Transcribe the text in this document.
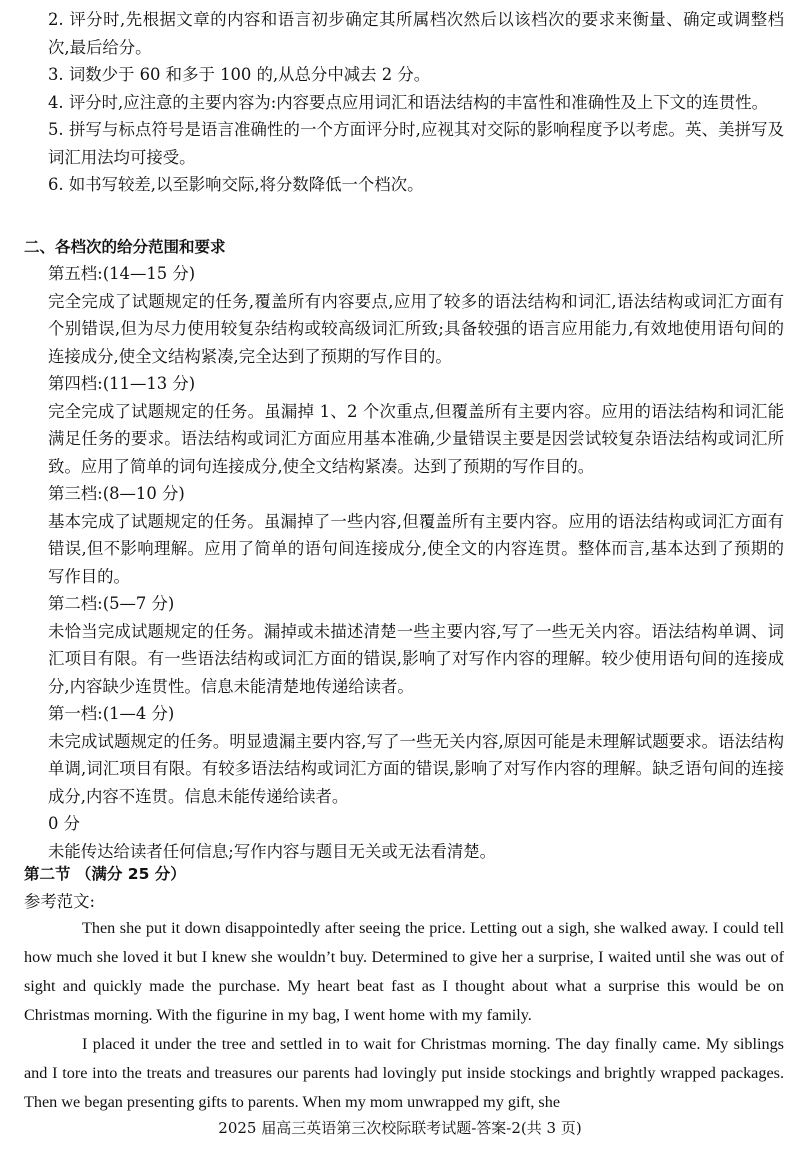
2. 评分时,先根据文章的内容和语言初步确定其所属档次然后以该档次的要求来衡量、确定或调整档次,最后给分。

3. 词数少于 60 和多于 100 的,从总分中减去 2 分。

4. 评分时,应注意的主要内容为:内容要点应用词汇和语法结构的丰富性和准确性及上下文的连贯性。

5. 拼写与标点符号是语言准确性的一个方面评分时,应视其对交际的影响程度予以考虑。英、美拼写及词汇用法均可接受。

6. 如书写较差,以至影响交际,将分数降低一个档次。

二、各档次的给分范围和要求

第五档:(14—15 分)

完全完成了试题规定的任务,覆盖所有内容要点,应用了较多的语法结构和词汇,语法结构或词汇方面有个别错误,但为尽力使用较复杂结构或较高级词汇所致;具备较强的语言应用能力,有效地使用语句间的连接成分,使全文结构紧凑,完全达到了预期的写作目的。

第四档:(11—13 分)

完全完成了试题规定的任务。虽漏掉 1、2 个次重点,但覆盖所有主要内容。应用的语法结构和词汇能满足任务的要求。语法结构或词汇方面应用基本准确,少量错误主要是因尝试较复杂语法结构或词汇所致。应用了简单的词句连接成分,使全文结构紧凑。达到了预期的写作目的。

第三档:(8—10 分)

基本完成了试题规定的任务。虽漏掉了一些内容,但覆盖所有主要内容。应用的语法结构或词汇方面有错误,但不影响理解。应用了简单的语句间连接成分,使全文的内容连贯。整体而言,基本达到了预期的写作目的。

第二档:(5—7 分)

未恰当完成试题规定的任务。漏掉或未描述清楚一些主要内容,写了一些无关内容。语法结构单调、词汇项目有限。有一些语法结构或词汇方面的错误,影响了对写作内容的理解。较少使用语句间的连接成分,内容缺少连贯性。信息未能清楚地传递给读者。

第一档:(1—4 分)

未完成试题规定的任务。明显遗漏主要内容,写了一些无关内容,原因可能是未理解试题要求。语法结构单调,词汇项目有限。有较多语法结构或词汇方面的错误,影响了对写作内容的理解。缺乏语句间的连接成分,内容不连贯。信息未能传递给读者。

0 分

未能传达给读者任何信息;写作内容与题目无关或无法看清楚。

第二节 （满分 25 分）
参考范文:

Then she put it down disappointedly after seeing the price. Letting out a sigh, she walked away. I could tell how much she loved it but I knew she wouldn’t buy. Determined to give her a surprise, I waited until she was out of sight and quickly made the purchase. My heart beat fast as I thought about what a surprise this would be on Christmas morning. With the figurine in my bag, I went home with my family.

I placed it under the tree and settled in to wait for Christmas morning. The day finally came. My siblings and I tore into the treats and treasures our parents had lovingly put inside stockings and brightly wrapped packages. Then we began presenting gifts to parents. When my mom unwrapped my gift, she

2025 届高三英语第三次校际联考试题-答案-2(共 3 页)
